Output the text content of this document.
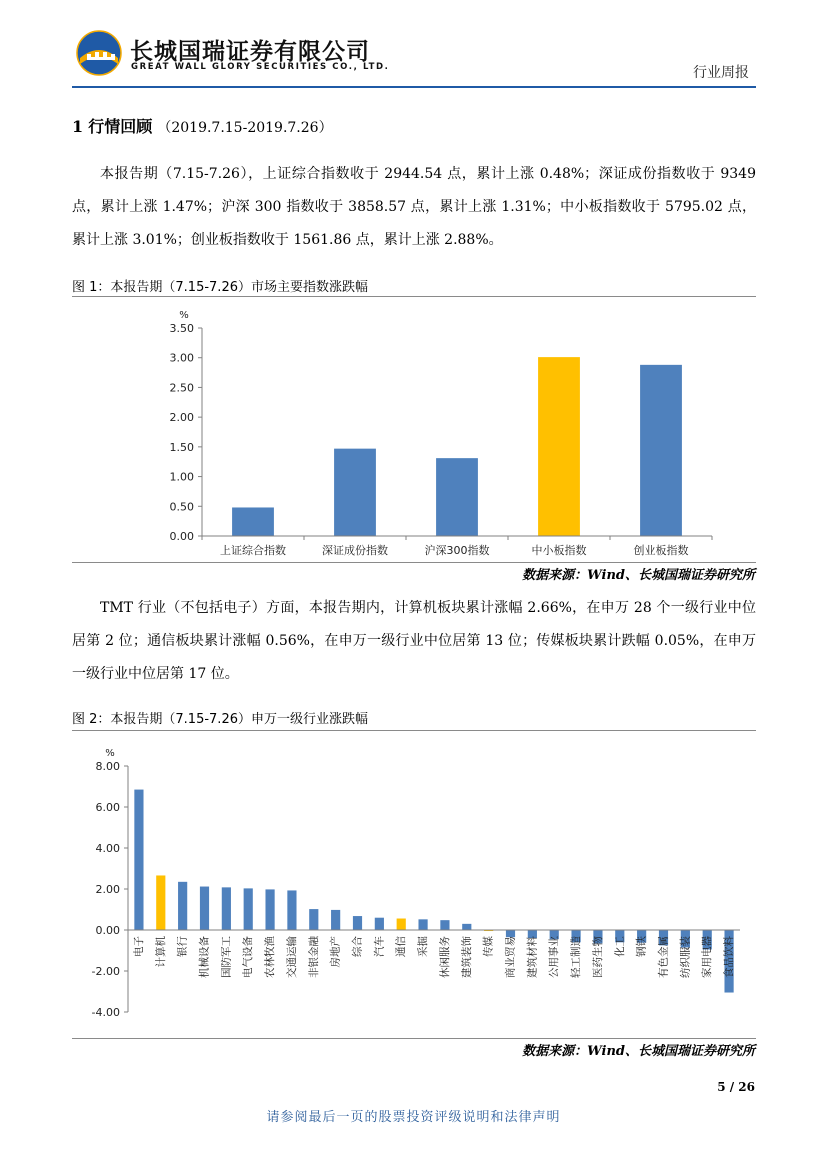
长城国瑞证券有限公司
GREAT WALL GLORY SECURITIES CO., LTD.	行业周报
1 行情回顾 （2019.7.15-2019.7.26）

本报告期（7.15-7.26），上证综合指数收于 2944.54 点，累计上涨 0.48%；深证成份指数收于 9349 点，累计上涨 1.47%；沪深 300 指数收于 3858.57 点，累计上涨 1.31%；中小板指数收于 5795.02 点，累计上涨 3.01%；创业板指数收于 1561.86 点，累计上涨 2.88%。

图 1：本报告期（7.15-7.26）市场主要指数涨跌幅
%
0.00
0.50
1.00
1.50
2.00
2.50
3.00
3.50
上证综合指数	深证成份指数	沪深300指数	中小板指数	创业板指数
数据来源：Wind、长城国瑞证券研究所

TMT 行业（不包括电子）方面，本报告期内，计算机板块累计涨幅 2.66%，在申万 28 个一级行业中位居第 2 位；通信板块累计涨幅 0.56%，在申万一级行业中位居第 13 位；传媒板块累计跌幅 0.05%，在申万一级行业中位居第 17 位。

图 2：本报告期（7.15-7.26）申万一级行业涨跌幅
%
-4.00
-2.00
0.00
2.00
4.00
6.00
8.00
电子 计算机 银行 机械设备 国防军工 电气设备 农林牧渔 交通运输 非银金融 房地产 综合 汽车 通信 采掘 休闲服务 建筑装饰 传媒 商业贸易 建筑材料 公用事业 轻工制造 医药生物 化工 钢铁 有色金属 纺织服装 家用电器 食品饮料
数据来源：Wind、长城国瑞证券研究所
5 / 26
请参阅最后一页的股票投资评级说明和法律声明
